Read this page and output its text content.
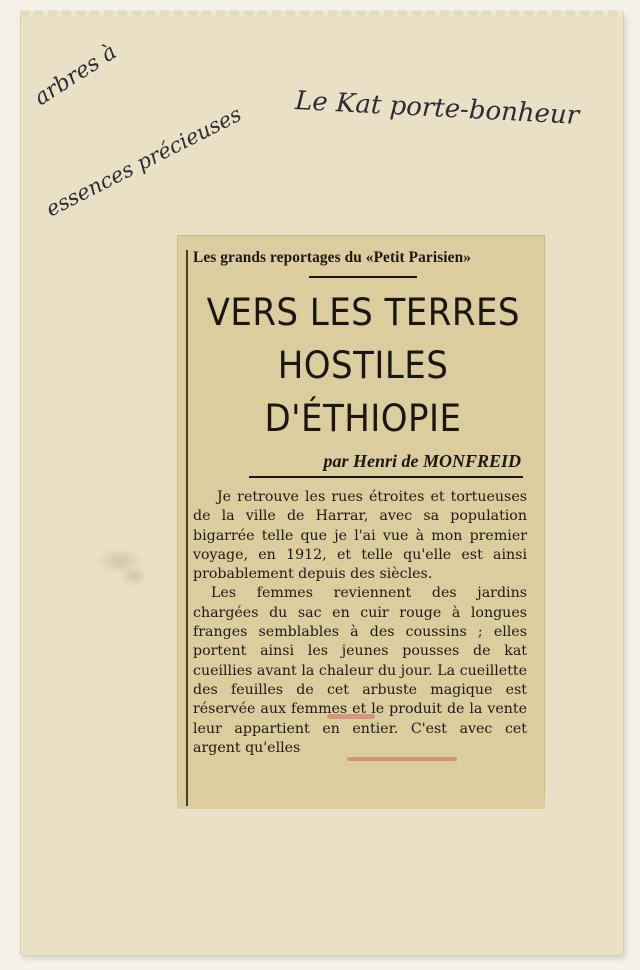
arbres à

essences précieuses Le Kat porte-bonheur

Les grands reportages du «Petit Parisien»

VERS LES TERRES
HOSTILES
D'ÉTHIOPIE

par Henri de MONFREID

Je retrouve les rues étroites et tortueuses de la ville de Harrar, avec sa population bigarrée telle que je l'ai vue à mon premier voyage, en 1912, et telle qu'elle est ainsi probablement depuis des siècles.

Les femmes reviennent des jardins chargées du sac en cuir rouge à longues franges semblables à des coussins ; elles portent ainsi les jeunes pousses de kat cueillies avant la chaleur du jour. La cueillette des feuilles de cet arbuste magique est réservée aux femmes et le produit de la vente leur appartient en entier. C'est avec cet argent qu'elles
